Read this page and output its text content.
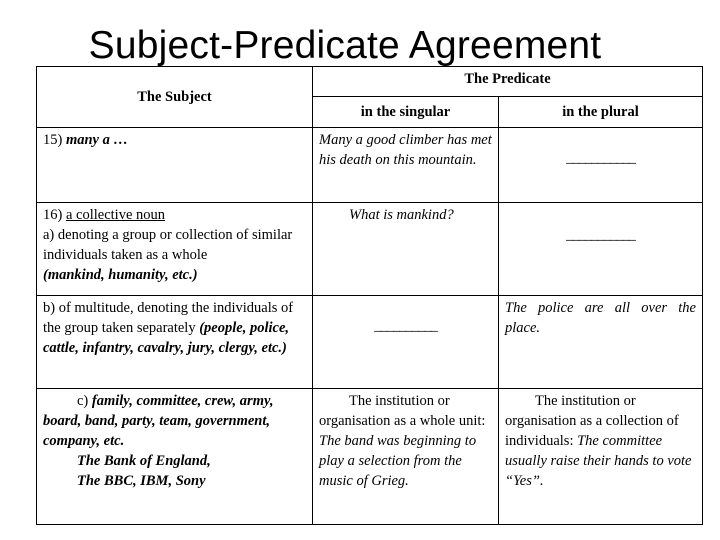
Subject-Predicate Agreement
The Subject	The Predicate	
	in the singular	in the plural
15) many a …	Many a good climber has met his death on this mountain.	___________

16) a collective noun
a) denoting a group or collection of similar individuals taken as a whole
(mankind, humanity, etc.)	What is mankind?	___________

b) of multitude, denoting the individuals of the group taken separately (people, police, cattle, infantry, cavalry, jury, clergy, etc.)	__________	The police are all over the place.
c) family, committee, crew, army, board, band, party, team, government, company, etc.
The Bank of England,
The BBC, IBM, Sony	The institution or organisation as a whole unit: The band was beginning to play a selection from the music of Grieg.	The institution or organisation as a collection of individuals: The committee usually raise their hands to vote “Yes”.
